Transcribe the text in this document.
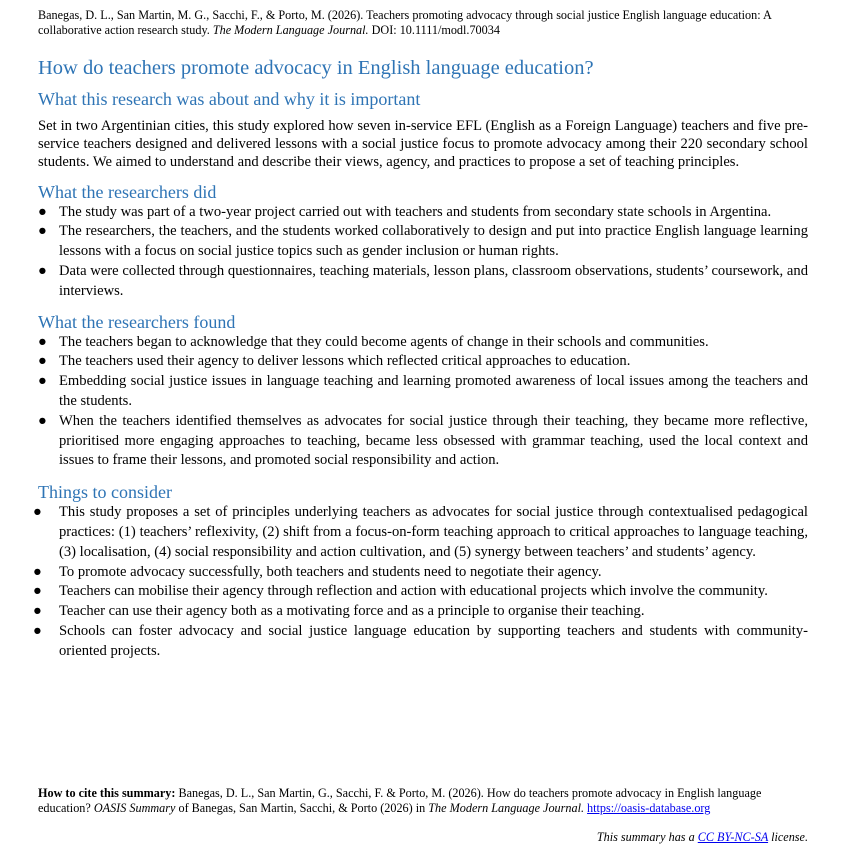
Banegas, D. L., San Martin, M. G., Sacchi, F., & Porto, M. (2026). Teachers promoting advocacy through social justice English language education: A collaborative action research study. The Modern Language Journal. DOI: 10.1111/modl.70034

How do teachers promote advocacy in English language education?
What this research was about and why it is important

Set in two Argentinian cities, this study explored how seven in-service EFL (English as a Foreign Language) teachers and five pre-service teachers designed and delivered lessons with a social justice focus to promote advocacy among their 220 secondary school students. We aimed to understand and describe their views, agency, and practices to propose a set of teaching principles.

What the researchers did
● The study was part of a two-year project carried out with teachers and students from secondary state schools in Argentina.
● The researchers, the teachers, and the students worked collaboratively to design and put into practice English language learning lessons with a focus on social justice topics such as gender inclusion or human rights.
● Data were collected through questionnaires, teaching materials, lesson plans, classroom observations, students’ coursework, and interviews.
What the researchers found
● The teachers began to acknowledge that they could become agents of change in their schools and communities.
● The teachers used their agency to deliver lessons which reflected critical approaches to education.
● Embedding social justice issues in language teaching and learning promoted awareness of local issues among the teachers and the students.
● When the teachers identified themselves as advocates for social justice through their teaching, they became more reflective, prioritised more engaging approaches to teaching, became less obsessed with grammar teaching, used the local context and issues to frame their lessons, and promoted social responsibility and action.
Things to consider
● This study proposes a set of principles underlying teachers as advocates for social justice through contextualised pedagogical practices: (1) teachers’ reflexivity, (2) shift from a focus-on-form teaching approach to critical approaches to language teaching, (3) localisation, (4) social responsibility and action cultivation, and (5) synergy between teachers’ and students’ agency.
● To promote advocacy successfully, both teachers and students need to negotiate their agency.
● Teachers can mobilise their agency through reflection and action with educational projects which involve the community.
● Teacher can use their agency both as a motivating force and as a principle to organise their teaching.
● Schools can foster advocacy and social justice language education by supporting teachers and students with community-oriented projects.

How to cite this summary: Banegas, D. L., San Martin, G., Sacchi, F. & Porto, M. (2026). How do teachers promote advocacy in English language education? OASIS Summary of Banegas, San Martin, Sacchi, & Porto (2026) in The Modern Language Journal. https://oasis-database.org

This summary has a CC BY-NC-SA license.
